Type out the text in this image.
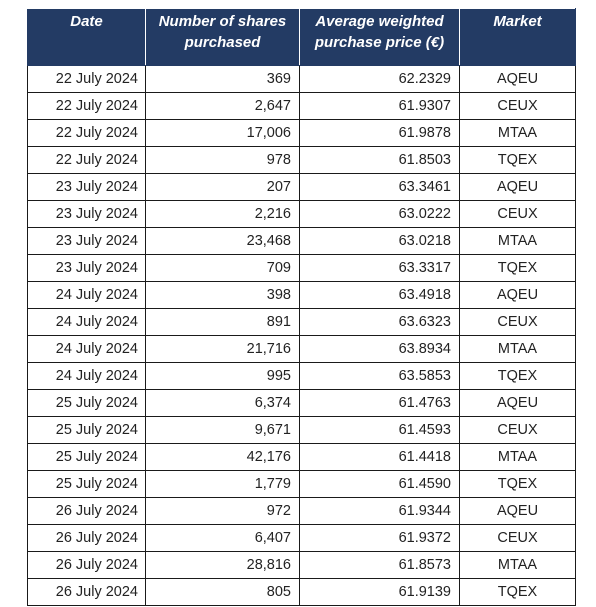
Date	Number of shares purchased	Average weighted purchase price (€)	Market
22 July 2024	369	62.2329	AQEU
22 July 2024	2,647	61.9307	CEUX
22 July 2024	17,006	61.9878	MTAA
22 July 2024	978	61.8503	TQEX
23 July 2024	207	63.3461	AQEU
23 July 2024	2,216	63.0222	CEUX
23 July 2024	23,468	63.0218	MTAA
23 July 2024	709	63.3317	TQEX
24 July 2024	398	63.4918	AQEU
24 July 2024	891	63.6323	CEUX
24 July 2024	21,716	63.8934	MTAA
24 July 2024	995	63.5853	TQEX
25 July 2024	6,374	61.4763	AQEU
25 July 2024	9,671	61.4593	CEUX
25 July 2024	42,176	61.4418	MTAA
25 July 2024	1,779	61.4590	TQEX
26 July 2024	972	61.9344	AQEU
26 July 2024	6,407	61.9372	CEUX
26 July 2024	28,816	61.8573	MTAA
26 July 2024	805	61.9139	TQEX
